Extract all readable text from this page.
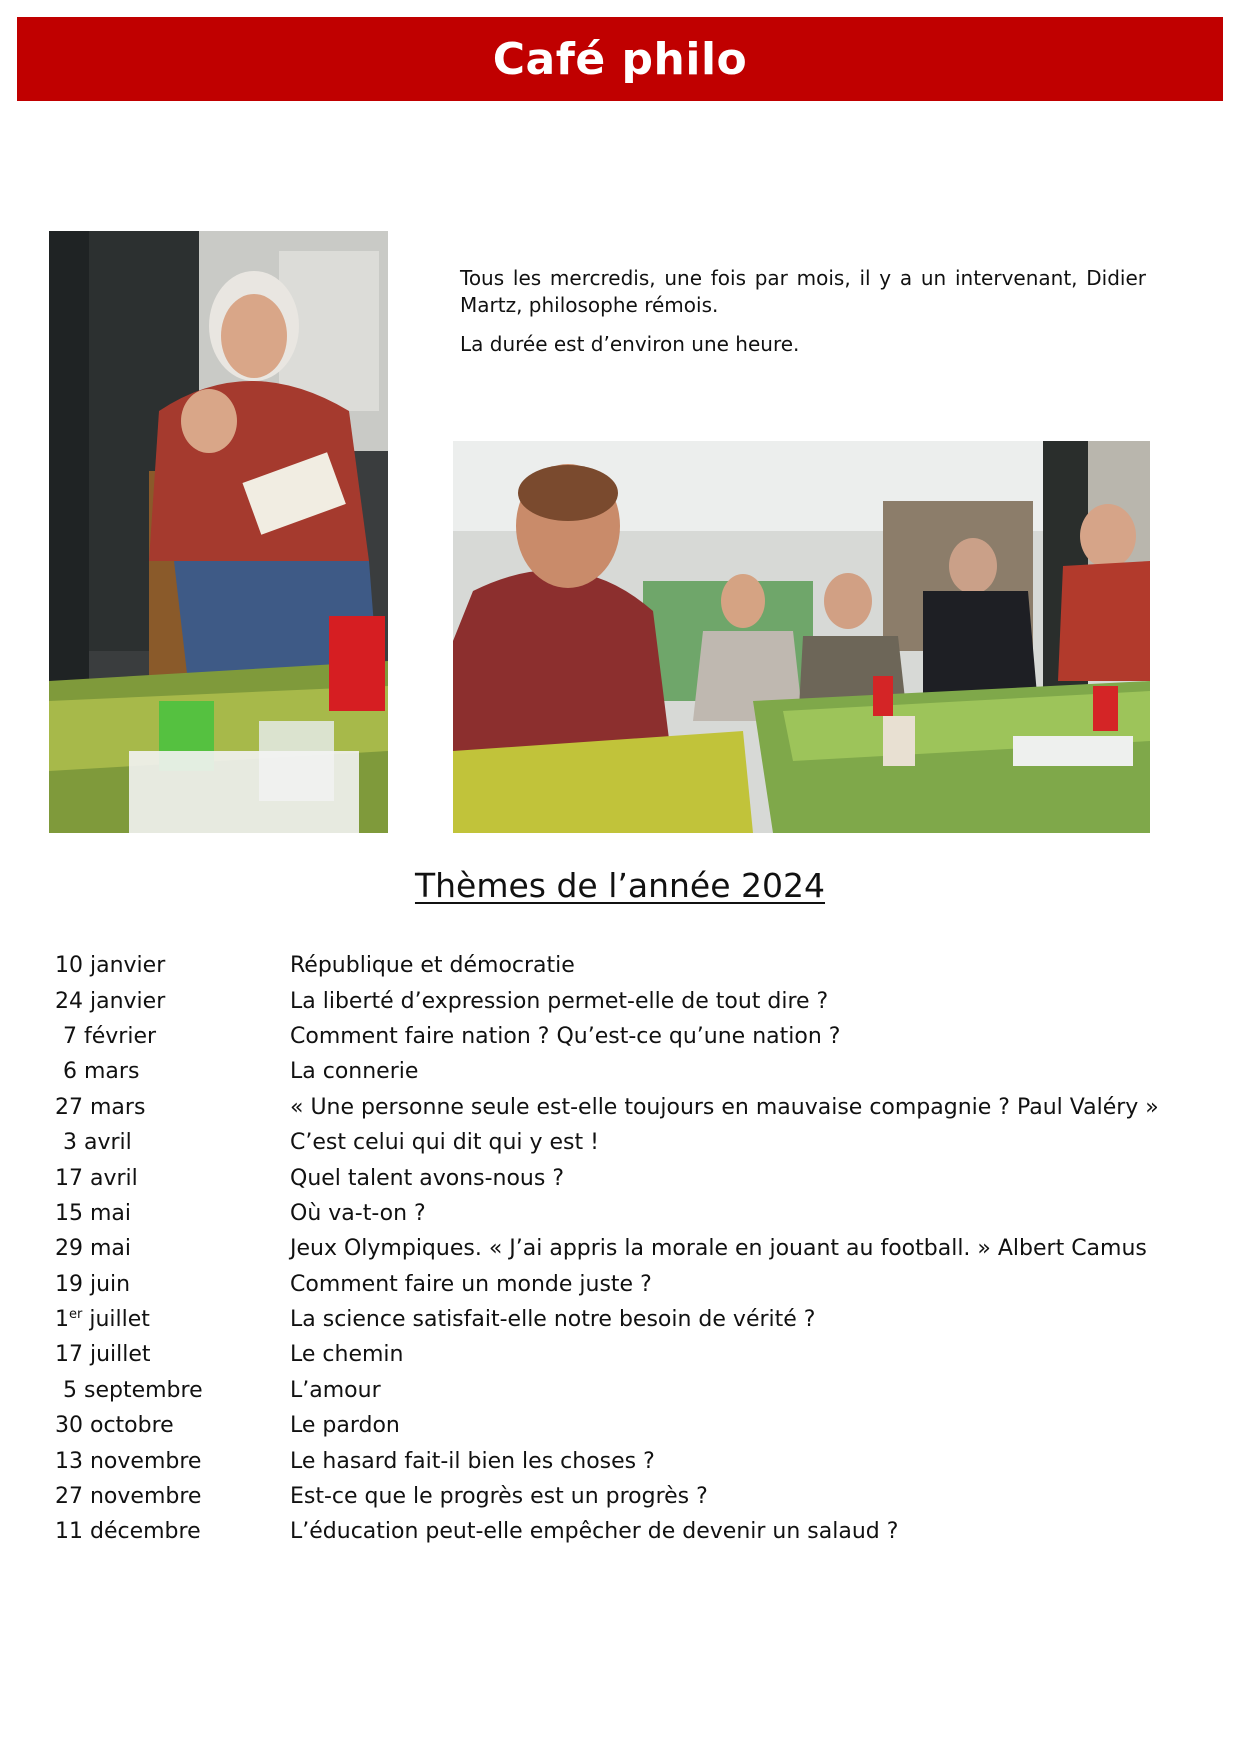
Café philo

Tous les mercredis, une fois par mois, il y a un intervenant, Didier Martz, philosophe rémois.

La durée est d’environ une heure.

Thèmes de l’année 2024
10 janvier	République et démocratie
24 janvier	La liberté d’expression permet-elle de tout dire ?
7 février	Comment faire nation ? Qu’est-ce qu’une nation ?
6 mars	La connerie
27 mars	« Une personne seule est-elle toujours en mauvaise compagnie ? Paul Valéry »
3 avril	C’est celui qui dit qui y est !
17 avril	Quel talent avons-nous ?
15 mai	Où va-t-on ?
29 mai	Jeux Olympiques. « J’ai appris la morale en jouant au football. » Albert Camus
19 juin	Comment faire un monde juste ?
1er juillet	La science satisfait-elle notre besoin de vérité ?
17 juillet	Le chemin
5 septembre	L’amour
30 octobre	Le pardon
13 novembre	Le hasard fait-il bien les choses ?
27 novembre	Est-ce que le progrès est un progrès ?
11 décembre	L’éducation peut-elle empêcher de devenir un salaud ?
